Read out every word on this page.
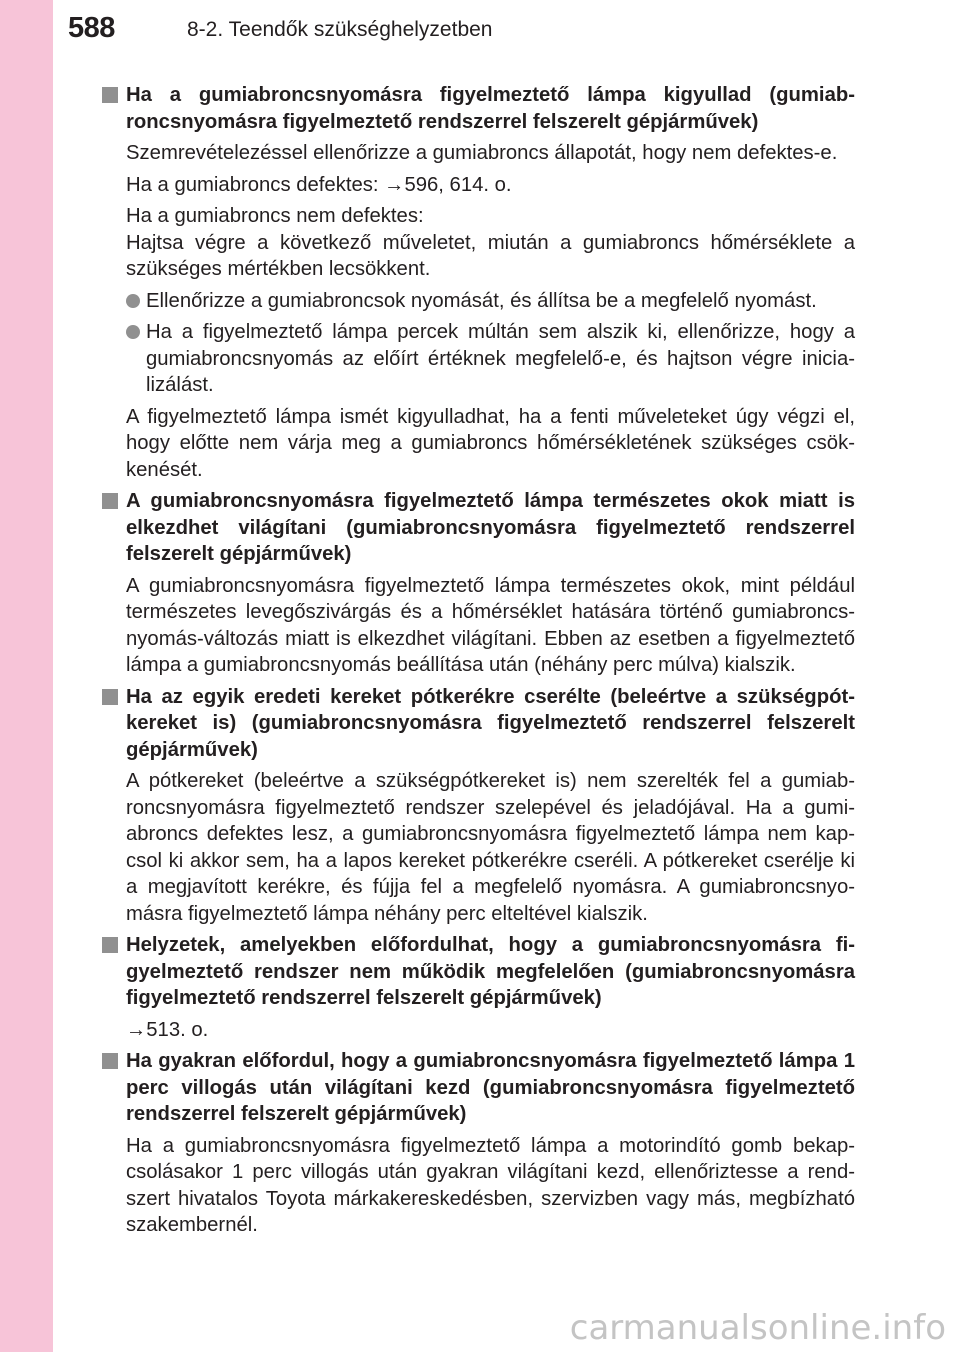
588	8-2. Teendők szükséghelyzetben
Ha a gumiabroncsnyomásra figyelmeztető lámpa kigyullad (gumiabroncsnyomásra figyelmeztető rendszerrel felszerelt gépjárművek)
Szemrevételezéssel ellenőrizze a gumiabroncs állapotát, hogy nem defektes-e.
Ha a gumiabroncs defektes: →596, 614. o.
Ha a gumiabroncs nem defektes:
Hajtsa végre a következő műveletet, miután a gumiabroncs hőmérséklete a szükséges mértékben lecsökkent.
Ellenőrizze a gumiabroncsok nyomását, és állítsa be a megfelelő nyomást.
Ha a figyelmeztető lámpa percek múltán sem alszik ki, ellenőrizze, hogy a gumiabroncsnyomás az előírt értéknek megfelelő-e, és hajtson végre inicializálást.
A figyelmeztető lámpa ismét kigyulladhat, ha a fenti műveleteket úgy végzi el, hogy előtte nem várja meg a gumiabroncs hőmérsékletének szükséges csökkenését.
A gumiabroncsnyomásra figyelmeztető lámpa természetes okok miatt is elkezdhet világítani (gumiabroncsnyomásra figyelmeztető rendszerrel felszerelt gépjárművek)
A gumiabroncsnyomásra figyelmeztető lámpa természetes okok, mint például természetes levegőszivárgás és a hőmérséklet hatására történő gumiabroncsnyomás-változás miatt is elkezdhet világítani. Ebben az esetben a figyelmeztető lámpa a gumiabroncsnyomás beállítása után (néhány perc múlva) kialszik.
Ha az egyik eredeti kereket pótkerékre cserélte (beleértve a szükségpótkereket is) (gumiabroncsnyomásra figyelmeztető rendszerrel felszerelt gépjárművek)
A pótkereket (beleértve a szükségpótkereket is) nem szerelték fel a gumiabroncsnyomásra figyelmeztető rendszer szelepével és jeladójával. Ha a gumiabroncs defektes lesz, a gumiabroncsnyomásra figyelmeztető lámpa nem kapcsol ki akkor sem, ha a lapos kereket pótkerékre cseréli. A pótkereket cserélje ki a megjavított kerékre, és fújja fel a megfelelő nyomásra. A gumiabroncsnyomásra figyelmeztető lámpa néhány perc elteltével kialszik.
Helyzetek, amelyekben előfordulhat, hogy a gumiabroncsnyomásra figyelmeztető rendszer nem működik megfelelően (gumiabroncsnyomásra figyelmeztető rendszerrel felszerelt gépjárművek)
→513. o.
Ha gyakran előfordul, hogy a gumiabroncsnyomásra figyelmeztető lámpa 1 perc villogás után világítani kezd (gumiabroncsnyomásra figyelmeztető rendszerrel felszerelt gépjárművek)
Ha a gumiabroncsnyomásra figyelmeztető lámpa a motorindító gomb bekapcsolásakor 1 perc villogás után gyakran világítani kezd, ellenőriztesse a rendszert hivatalos Toyota márkakereskedésben, szervizben vagy más, megbízható szakembernél.
carmanualsonline.info
